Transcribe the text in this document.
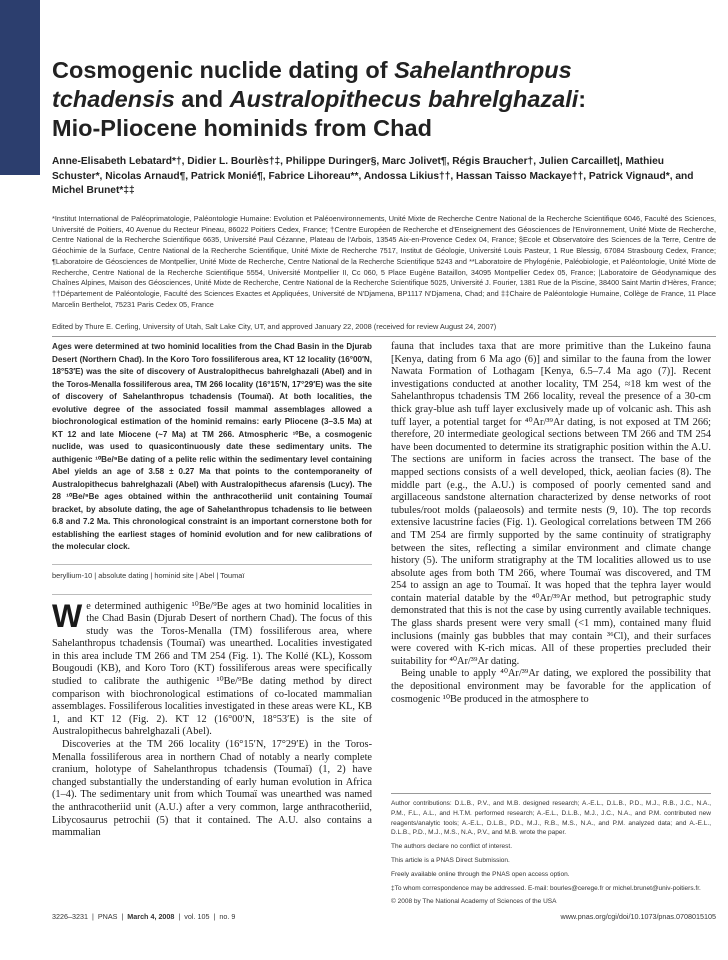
PNAS
Cosmogenic nuclide dating of Sahelanthropus
tchadensis and Australopithecus bahrelghazali:
Mio-Pliocene hominids from Chad
Anne-Elisabeth Lebatard*†, Didier L. Bourlès†‡, Philippe Duringer§, Marc Jolivet¶, Régis Braucher†, Julien Carcaillet|, Mathieu Schuster*, Nicolas Arnaud¶, Patrick Monié¶, Fabrice Lihoreau**, Andossa Likius††, Hassan Taisso Mackaye††, Patrick Vignaud*, and Michel Brunet*‡‡
*Institut International de Paléoprimatologie, Paléontologie Humaine: Evolution et Paléoenvironnements, Unité Mixte de Recherche Centre National de la Recherche Scientifique 6046, Faculté des Sciences, Université de Poitiers, 40 Avenue du Recteur Pineau, 86022 Poitiers Cedex, France; †Centre Européen de Recherche et d'Enseignement des Géosciences de l'Environnement, Unité Mixte de Recherche, Centre National de la Recherche Scientifique 6635, Université Paul Cézanne, Plateau de l'Arbois, 13545 Aix-en-Provence Cedex 04, France; §Ecole et Observatoire des Sciences de la Terre, Centre de Géochimie de la Surface, Centre National de la Recherche Scientifique, Unité Mixte de Recherche 7517, Institut de Géologie, Université Louis Pasteur, 1 Rue Blessig, 67084 Strasbourg Cedex, France; ¶Laboratoire de Géosciences de Montpellier, Unité Mixte de Recherche, Centre National de la Recherche Scientifique 5243 and **Laboratoire de Phylogénie, Paléobiologie, et Paléontologie, Unité Mixte de Recherche, Centre National de la Recherche Scientifique 5554, Université Montpellier II, Cc 060, 5 Place Eugène Bataillon, 34095 Montpellier Cedex 05, France; |Laboratoire de Géodynamique des Chaînes Alpines, Maison des Géosciences, Unité Mixte de Recherche, Centre National de la Recherche Scientifique 5025, Université J. Fourier, 1381 Rue de la Piscine, 38400 Saint Martin d'Hères, France; ††Département de Paléontologie, Faculté des Sciences Exactes et Appliquées, Université de N'Djamena, BP1117 N'Djamena, Chad; and ‡‡Chaire de Paléontologie Humaine, Collège de France, 11 Place Marcelin Berthelot, 75231 Paris Cedex 05, France
Edited by Thure E. Cerling, University of Utah, Salt Lake City, UT, and approved January 22, 2008 (received for review August 24, 2007)
Ages were determined at two hominid localities from the Chad Basin in the Djurab Desert (Northern Chad). In the Koro Toro fossiliferous area, KT 12 locality (16°00′N, 18°53′E) was the site of discovery of Australopithecus bahrelghazali (Abel) and in the Toros-Menalla fossiliferous area, TM 266 locality (16°15′N, 17°29′E) was the site of discovery of Sahelanthropus tchadensis (Toumaï). At both localities, the evolutive degree of the associated fossil mammal assemblages allowed a biochronological estimation of the hominid remains: early Pliocene (3–3.5 Ma) at KT 12 and late Miocene (~7 Ma) at TM 266. Atmospheric ¹⁰Be, a cosmogenic nuclide, was used to quasicontinuously date these sedimentary units. The authigenic ¹⁰Be/⁹Be dating of a pelite relic within the sedimentary level containing Abel yields an age of 3.58 ± 0.27 Ma that points to the contemporaneity of Australopithecus bahrelghazali (Abel) with Australopithecus afarensis (Lucy). The 28 ¹⁰Be/⁹Be ages obtained within the anthracotheriid unit containing Toumaï bracket, by absolute dating, the age of Sahelanthropus tchadensis to lie between 6.8 and 7.2 Ma. This chronological constraint is an important cornerstone both for establishing the earliest stages of hominid evolution and for new calibrations of the molecular clock.
beryllium-10 | absolute dating | hominid site | Abel | Toumaï

We determined authigenic ¹⁰Be/⁹Be ages at two hominid localities in the Chad Basin (Djurab Desert of northern Chad). The focus of this study was the Toros-Menalla (TM) fossiliferous area, where Sahelanthropus tchadensis (Toumaï) was unearthed. Localities investigated in this area include TM 266 and TM 254 (Fig. 1). The Kollé (KL), Kossom Bougoudi (KB), and Koro Toro (KT) fossiliferous areas were specifically studied to calibrate the authigenic ¹⁰Be/⁹Be dating method by direct comparison with biochronological estimations of co-located mammalian assemblages. Fossiliferous localities investigated in these areas were KL, KB 1, and KT 12 (Fig. 2). KT 12 (16°00′N, 18°53′E) is the site of Australopithecus bahrelghazali (Abel).

Discoveries at the TM 266 locality (16°15′N, 17°29′E) in the Toros-Menalla fossiliferous area in northern Chad of notably a nearly complete cranium, holotype of Sahelanthropus tchadensis (Toumaï) (1, 2) have changed substantially the understanding of early human evolution in Africa (1–4). The sedimentary unit from which Toumaï was unearthed was named the anthracotheriid unit (A.U.) after a very common, large anthracotheriid, Libycosaurus petrochii (5) that it contained. The A.U. also contains a mammalian

fauna that includes taxa that are more primitive than the Lukeino fauna [Kenya, dating from 6 Ma ago (6)] and similar to the fauna from the lower Nawata Formation of Lothagam [Kenya, 6.5–7.4 Ma ago (7)]. Recent investigations conducted at another locality, TM 254, ≈18 km west of the Sahelanthropus tchadensis TM 266 locality, reveal the presence of a 30-cm thick gray-blue ash tuff layer exclusively made up of volcanic ash. This ash tuff layer, a potential target for ⁴⁰Ar/³⁹Ar dating, is not exposed at TM 266; therefore, 20 intermediate geological sections between TM 266 and TM 254 have been documented to determine its stratigraphic position within the A.U. The sections are uniform in facies across the transect. The base of the mapped sections consists of a well developed, thick, aeolian facies (8). The middle part (e.g., the A.U.) is composed of poorly cemented sand and argillaceous sandstone alternation characterized by dense networks of root tubules/root molds (palaeosols) and termite nests (9, 10). The top records extensive lacustrine facies (Fig. 1). Geological correlations between TM 266 and TM 254 are firmly supported by the same continuity of stratigraphy between the sites, reflecting a similar environment and climate change history (5). The uniform stratigraphy at the TM localities allowed us to use absolute ages from both TM 266, where Toumaï was discovered, and TM 254 to assign an age to Toumaï. It was hoped that the tephra layer would contain material datable by the ⁴⁰Ar/³⁹Ar method, but petrographic study demonstrated that this is not the case by using currently available techniques. The glass shards present were very small (<1 mm), contained many fluid inclusions (mainly gas bubbles that may contain ³⁶Cl), and their surfaces were covered with K-rich micas. All of these properties precluded their suitability for ⁴⁰Ar/³⁹Ar dating.

Being unable to apply ⁴⁰Ar/³⁹Ar dating, we explored the possibility that the depositional environment may be favorable for the application of cosmogenic ¹⁰Be produced in the atmosphere to

Author contributions: D.L.B., P.V., and M.B. designed research; A.-E.L., D.L.B., P.D., M.J., R.B., J.C., N.A., P.M., F.L., A.L., and H.T.M. performed research; A.-E.L., D.L.B., M.J., J.C., N.A., and P.M. contributed new reagents/analytic tools; A.-E.L., D.L.B., P.D., M.J., R.B., M.S., N.A., and P.M. analyzed data; and A.-E.L., D.L.B., P.D., M.J., M.S., N.A., P.V., and M.B. wrote the paper.

The authors declare no conflict of interest.

This article is a PNAS Direct Submission.

Freely available online through the PNAS open access option.

‡To whom correspondence may be addressed. E-mail: bourles@cerege.fr or michel.brunet@univ-poitiers.fr.

© 2008 by The National Academy of Sciences of the USA

3226–3231  |  PNAS  |  March 4, 2008  |  vol. 105  |  no. 9	www.pnas.org/cgi/doi/10.1073/pnas.0708015105
